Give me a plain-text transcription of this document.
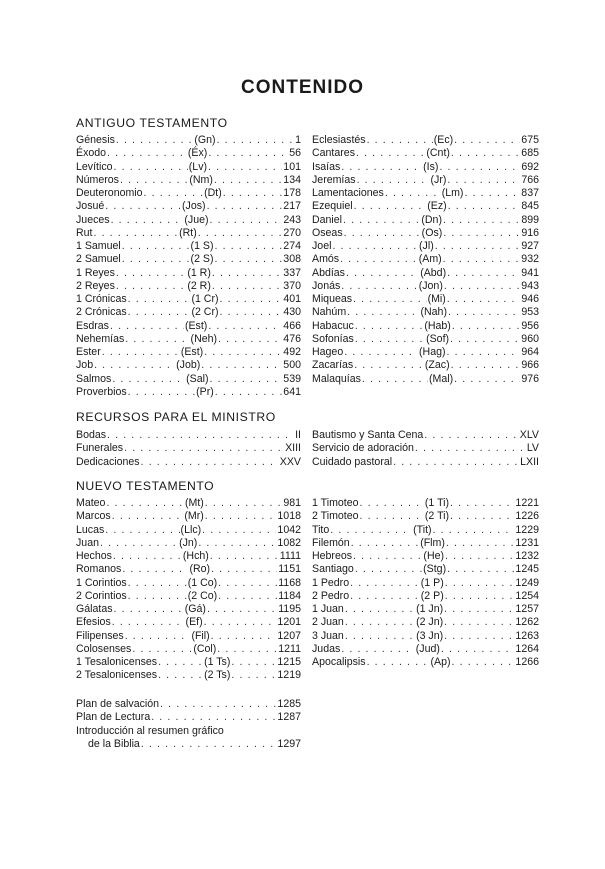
CONTENIDO
ANTIGUO TESTAMENTO
Génesis . . .	(Gn) . . .	1
Éxodo . . .	(Éx) . . .	56
Levítico . . .	(Lv) . . .	101
Números . . .	(Nm) . . .	134
Deuteronomio . . .	(Dt) . . .	178
Josué . . .	(Jos) . . .	217
Jueces . . .	(Jue) . . .	243
Rut . . .	(Rt) . . .	270
1 Samuel . . .	(1 S) . . .	274
2 Samuel . . .	(2 S) . . .	308
1 Reyes . . .	(1 R) . . .	337
2 Reyes . . .	(2 R) . . .	370
1 Crónicas . . .	(1 Cr) . . .	401
2 Crónicas . . .	(2 Cr) . . .	430
Esdras . . .	(Est) . . .	466
Nehemías . . .	(Neh) . . .	476
Ester . . .	(Est) . . .	492
Job . . .	(Job) . . .	500
Salmos . . .	(Sal) . . .	539
Proverbios . . .	(Pr) . . .	641
Eclesiastés . . .	(Ec) . . .	675
Cantares . . .	(Cnt) . . .	685
Isaías . . .	(Is) . . .	692
Jeremías . . .	(Jr) . . .	766
Lamentaciones . . .	(Lm) . . .	837
Ezequiel . . .	(Ez) . . .	845
Daniel . . .	(Dn) . . .	899
Oseas . . .	(Os) . . .	916
Joel . . .	(Jl) . . .	927
Amós . . .	(Am) . . .	932
Abdías . . .	(Abd) . . .	941
Jonás . . .	(Jon) . . .	943
Miqueas . . .	(Mi) . . .	946
Nahúm . . .	(Nah) . . .	953
Habacuc . . .	(Hab) . . .	956
Sofonías . . .	(Sof) . . .	960
Hageo . . .	(Hag) . . .	964
Zacarías . . .	(Zac) . . .	966
Malaquías . . .	(Mal) . . .	976
RECURSOS PARA EL MINISTRO
Bodas . . .	II
Funerales . . .	XIII
Dedicaciones . . .	XXV
Bautismo y Santa Cena . . .	XLV
Servicio de adoración . . .	LV
Cuidado pastoral . . .	LXII
NUEVO TESTAMENTO
Mateo . . .	(Mt) . . .	981
Marcos . . .	(Mr) . . .	1018
Lucas . . .	(Llc) . . .	1042
Juan . . .	(Jn) . . .	1082
Hechos . . .	(Hch) . . .	1111
Romanos . . .	(Ro) . . .	1151
1 Corintios . . .	(1 Co) . . .	1168
2 Corintios . . .	(2 Co) . . .	1184
Gálatas . . .	(Gá) . . .	1195
Efesios . . .	(Ef) . . .	1201
Filipenses . . .	(Fil) . . .	1207
Colosenses . . .	(Col) . . .	1211
1 Tesalonicenses . . .	(1 Ts) . . .	1215
2 Tesalonicenses . . .	(2 Ts) . . .	1219
1 Timoteo . . .	(1 Ti) . . .	1221
2 Timoteo . . .	(2 Ti) . . .	1226
Tito . . .	(Tit) . . .	1229
Filemón . . .	(Flm) . . .	1231
Hebreos . . .	(He) . . .	1232
Santiago . . .	(Stg) . . .	1245
1 Pedro . . .	(1 P) . . .	1249
2 Pedro . . .	(2 P) . . .	1254
1 Juan . . .	(1 Jn) . . .	1257
2 Juan . . .	(2 Jn) . . .	1262
3 Juan . . .	(3 Jn) . . .	1263
Judas . . .	(Jud) . . .	1264
Apocalipsis . . .	(Ap) . . .	1266
Plan de salvación . . .	1285
Plan de Lectura . . .	1287
Introducción al resumen gráfico
de la Biblia . . .	1297
